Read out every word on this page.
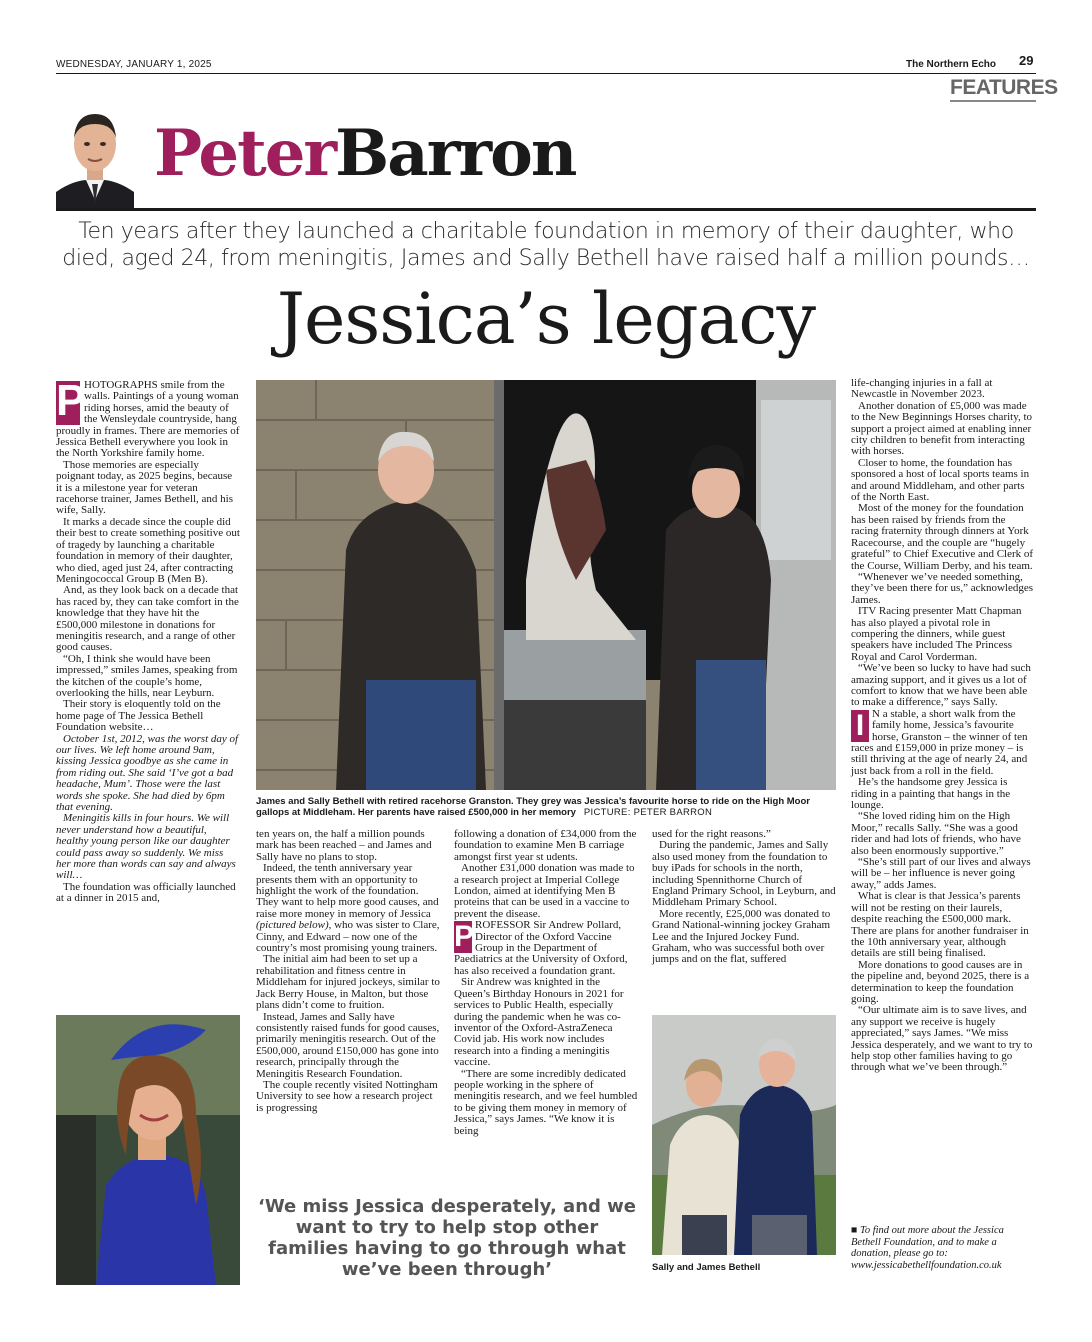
WEDNESDAY, JANUARY 1, 2025	The Northern Echo 29
FEATURES
PeterBarron
Ten years after they launched a charitable foundation in memory of their daughter, who died, aged 24, from meningitis, James and Sally Bethell have raised half a million pounds…
Jessica’s legacy

P
HOTOGRAPHS smile from the walls. Paintings of a young woman riding horses, amid the beauty of the Wensleydale countryside, hang proudly in frames. There are memories of Jessica Bethell everywhere you look in the North Yorkshire family home.

Those memories are especially poignant today, as 2025 begins, because it is a milestone year for veteran racehorse trainer, James Bethell, and his wife, Sally.

It marks a decade since the couple did their best to create something positive out of tragedy by launching a charitable foundation in memory of their daughter, who died, aged just 24, after contracting Meningococcal Group B (Men B).

And, as they look back on a decade that has raced by, they can take comfort in the knowledge that they have hit the £500,000 milestone in donations for meningitis research, and a range of other good causes.

“Oh, I think she would have been impressed,” smiles James, speaking from the kitchen of the couple’s home, overlooking the hills, near Leyburn.

Their story is eloquently told on the home page of The Jessica Bethell Foundation website…

October 1st, 2012, was the worst day of our lives. We left home around 9am, kissing Jessica goodbye as she came in from riding out. She said ‘I’ve got a bad headache, Mum’. Those were the last words she spoke. She had died by 6pm that evening.

Meningitis kills in four hours. We will never understand how a beautiful, healthy young person like our daughter could pass away so suddenly. We miss her more than words can say and always will…

The foundation was officially launched at a dinner in 2015 and,

James and Sally Bethell with retired racehorse Granston. They grey was Jessica’s favourite horse to ride on the High Moor gallops at Middleham. Her parents have raised £500,000 in her memory PICTURE: PETER BARRON

ten years on, the half a million pounds mark has been reached – and James and Sally have no plans to stop.

Indeed, the tenth anniversary year presents them with an opportunity to highlight the work of the foundation. They want to help more good causes, and raise more money in memory of Jessica (pictured below), who was sister to Clare, Cinny, and Edward – now one of the country’s most promising young trainers.

The initial aim had been to set up a rehabilitation and fitness centre in Middleham for injured jockeys, similar to Jack Berry House, in Malton, but those plans didn’t come to fruition.

Instead, James and Sally have consistently raised funds for good causes, primarily meningitis research. Out of the £500,000, around £150,000 has gone into research, principally through the Meningitis Research Foundation.

The couple recently visited Nottingham University to see how a research project is progressing

following a donation of £34,000 from the foundation to examine Men B carriage amongst first year st udents.

Another £31,000 donation was made to a research project at Imperial College London, aimed at identifying Men B proteins that can be used in a vaccine to prevent the disease.

P ROFESSOR Sir Andrew Pollard, Director of the Oxford Vaccine Group in the Department of Paediatrics at the University of Oxford, has also received a foundation grant.

Sir Andrew was knighted in the Queen’s Birthday Honours in 2021 for services to Public Health, especially during the pandemic when he was co-inventor of the Oxford-AstraZeneca Covid jab. His work now includes research into a finding a meningitis vaccine.

“There are some incredibly dedicated people working in the sphere of meningitis research, and we feel humbled to be giving them money in memory of Jessica,” says James. “We know it is being

used for the right reasons.”

During the pandemic, James and Sally also used money from the foundation to buy iPads for schools in the north, including Spennithorne Church of England Primary School, in Leyburn, and Middleham Primary School.

More recently, £25,000 was donated to Grand National-winning jockey Graham Lee and the Injured Jockey Fund. Graham, who was successful both over jumps and on the flat, suffered

life-changing injuries in a fall at Newcastle in November 2023.

Another donation of £5,000 was made to the New Beginnings Horses charity, to support a project aimed at enabling inner city children to benefit from interacting with horses.

Closer to home, the foundation has sponsored a host of local sports teams in and around Middleham, and other parts of the North East.

Most of the money for the foundation has been raised by friends from the racing fraternity through dinners at York Racecourse, and the couple are “hugely grateful” to Chief Executive and Clerk of the Course, William Derby, and his team.

“Whenever we’ve needed something, they’ve been there for us,” acknowledges James.

ITV Racing presenter Matt Chapman has also played a pivotal role in compering the dinners, while guest speakers have included The Princess Royal and Carol Vorderman.

“We’ve been so lucky to have had such amazing support, and it gives us a lot of comfort to know that we have been able to make a difference,” says Sally.

I N a stable, a short walk from the family home, Jessica’s favourite horse, Granston – the winner of ten races and £159,000 in prize money – is still thriving at the age of nearly 24, and just back from a roll in the field.

He’s the handsome grey Jessica is riding in a painting that hangs in the lounge.

“She loved riding him on the High Moor,” recalls Sally. “She was a good rider and had lots of friends, who have also been enormously supportive.”

“She’s still part of our lives and always will be – her influence is never going away,” adds James.

What is clear is that Jessica’s parents will not be resting on their laurels, despite reaching the £500,000 mark. There are plans for another fundraiser in the 10th anniversary year, although details are still being finalised.

More donations to good causes are in the pipeline and, beyond 2025, there is a determination to keep the foundation going.

“Our ultimate aim is to save lives, and any support we receive is hugely appreciated,” says James. “We miss Jessica desperately, and we want to try to help stop other families having to go through what we’ve been through.”

‘We miss Jessica desperately, and we want to try to help stop other families having to go through what we’ve been through’	Sally and James Bethell
■ To find out more about the Jessica Bethell Foundation, and to make a donation, please go to: www.jessicabethellfoundation.co.uk
